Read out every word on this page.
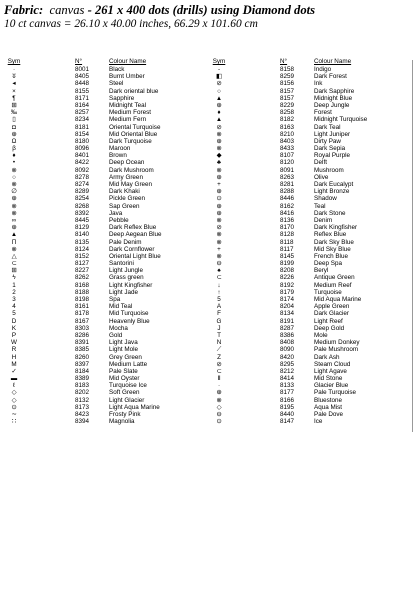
Fabric: canvas - 261 x 400 dots (drills) using Diamond dots
10 ct canvas = 26.10 x 40.00 inches, 66.29 x 101.60 cm
Sym	N°	Colour Name
·	8001	Black
ʬ	8405	Burnt Umber
◂	8448	Steel
×	8155	Dark oriental blue
¶	8171	Sapphire
⊞	8164	Midnight Teal
‰	8257	Medium Forest
▯	8234	Medium Fern
◘	8181	Oriental Turquoise
⊕	8154	Mid Oriental Blue
Ω	8180	Dark Turquoise
β	8096	Maroon
♦	8401	Brown
•	8422	Deep Ocean
⊗	8092	Dark Mushroom
○	8278	Army Green
⊗	8274	Mid May Green
∅	8289	Dark Khaki
⊕	8254	Pickle Green
⊗	8268	Sap Green
⊗	8392	Java
∞	8445	Pebble
⊕	8129	Dark Reflex Blue
▲	8140	Deep Aegean Blue
Π	8135	Pale Denim
⊗	8124	Dark Cornflower
△	8152	Oriental Light Blue
⊂	8127	Santorini
⊞	8227	Light Jungle
ϟ	8262	Grass green
1	8168	Light Kingfisher
2	8188	Light Jade
3	8198	Spa
4	8161	Mid Teal
5	8178	Mid Turquoise
D	8167	Heavenly Blue
K	8303	Mocha
P	8286	Gold
W	8391	Light Java
R	8385	Light Mole
H	8260	Grey Green
M	8397	Medium Latte
✓	8184	Pale Slate
▬	8389	Mid Oyster
ℓ	8183	Turquoise Ice
◇	8202	Soft Green
◇	8132	Light Glacier
⊙	8173	Light Aqua Marine
∼	8423	Frosty Pink
∷	8394	Magnolia
Sym	N°	Colour Name
-	8158	Indigo
◧	8259	Dark Forest
⊘	8156	Ink
○	8157	Dark Sapphire
▲	8157	Midnight Blue
⊕	8229	Deep Jungle
♦	8258	Forest
▲	8182	Midnight Turquoise
⊘	8163	Dark Teal
⊗	8210	Light Juniper
⊕	8403	Dirty Paw
⊗	8433	Dark Sepia
◆	8107	Royal Purple
♣	8120	Delft
⊗	8091	Mushroom
⊕	8263	Olive
+	8281	Dark Eucalypt
⊕	8288	Light Bronze
⊙	8446	Shadow
⊕	8162	Teal
⊕	8416	Dark Stone
⊗	8136	Denim
⊘	8170	Dark Kingfisher
⊗	8128	Reflex Blue
⊗	8118	Dark Sky Blue
+	8117	Mid Sky Blue
⊗	8145	French Blue
⊖	8199	Deep Spa
♠	8208	Beryl
⊂	8226	Antique Green
↓	8192	Medium Reef
↑	8179	Turquoise
5	8174	Mid Aqua Marine
A	8204	Apple Green
F	8134	Dark Glacier
G	8191	Light Reef
J	8287	Deep Gold
T	8386	Mole
N	8408	Medium Donkey
⟋	8090	Pale Mushroom
Z	8420	Dark Ash
⊘	8295	Steam Cloud
⊂	8212	Light Agave
Ⅱ	8414	Mid Stone
·	8133	Glacier Blue
⊕	8177	Pale Turquoise
⊗	8166	Bluestone
◇	8195	Aqua Mist
⊖	8440	Pale Dove
⊙	8147	Ice
